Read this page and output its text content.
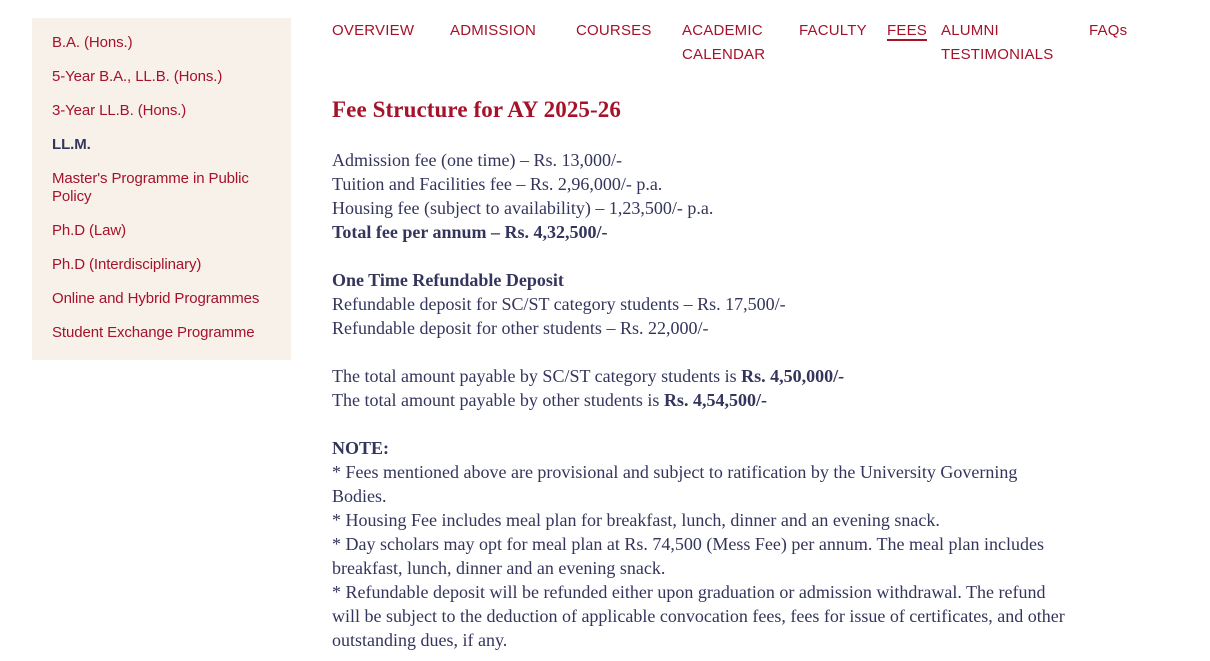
B.A. (Hons.)
5-Year B.A., LL.B. (Hons.)
3-Year LL.B. (Hons.)
LL.M.
Master's Programme in Public Policy
Ph.D (Law)
Ph.D (Interdisciplinary)
Online and Hybrid Programmes
Student Exchange Programme
OVERVIEW	ADMISSION	COURSES	ACADEMIC CALENDAR
FACULTY	FEES ALUMNI TESTIMONIALS
FAQs
Fee Structure for AY 2025-26
Admission fee (one time) – Rs. 13,000/-
Tuition and Facilities fee – Rs. 2,96,000/- p.a.
Housing fee (subject to availability) – 1,23,500/- p.a.
Total fee per annum – Rs. 4,32,500/-
One Time Refundable Deposit
Refundable deposit for SC/ST category students – Rs. 17,500/-
Refundable deposit for other students – Rs. 22,000/-
The total amount payable by SC/ST category students is Rs. 4,50,000/-
The total amount payable by other students is Rs. 4,54,500/-
NOTE:
* Fees mentioned above are provisional and subject to ratification by the University Governing Bodies.
* Housing Fee includes meal plan for breakfast, lunch, dinner and an evening snack.
* Day scholars may opt for meal plan at Rs. 74,500 (Mess Fee) per annum. The meal plan includes breakfast, lunch, dinner and an evening snack.
* Refundable deposit will be refunded either upon graduation or admission withdrawal. The refund will be subject to the deduction of applicable convocation fees, fees for issue of certificates, and other outstanding dues, if any.
